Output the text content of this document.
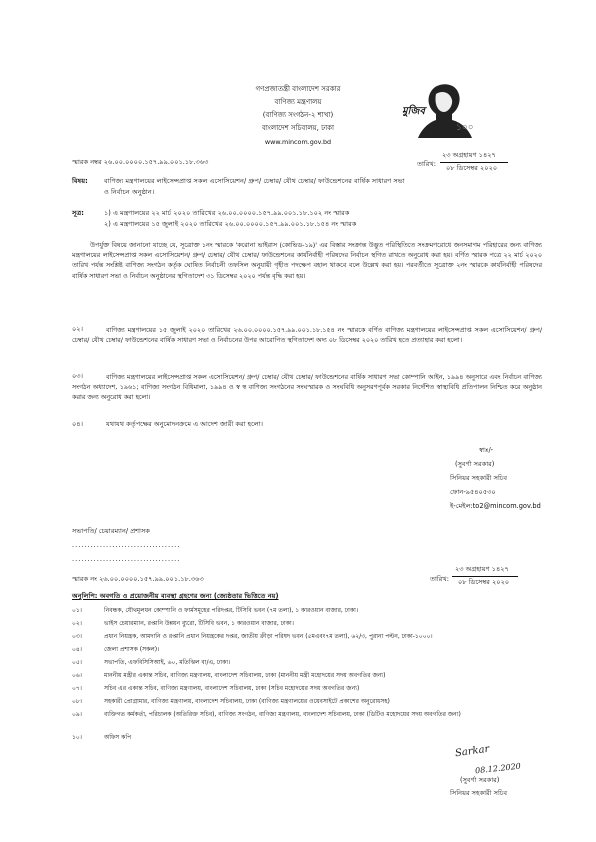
গণপ্রজাতন্ত্রী বাংলাদেশ সরকার
বাণিজ্য মন্ত্রণালয়
(বাণিজ্য সংগঠন-২ শাখা)
বাংলাদেশ সচিবালয়, ঢাকা
www.mincom.gov.bd
মুজিব
১০০
স্মারক নম্বর ২৬.০০.০০০০.১৫৭.৯৯.০০১.১৮.৩৬৩	তারিখ:
২৩ অগ্রহায়ণ ১৪২৭
০৮ ডিসেম্বর ২০২০
বিষয়: বাণিজ্য মন্ত্রণালয়ের লাইসেন্সপ্রাপ্ত সকল এসোসিয়েশন/ গ্রুপ/ চেম্বার/ যৌথ চেম্বার/ ফাউন্ডেশনের বার্ষিক সাধারণ সভা
ও নির্বাচন অনুষ্ঠান।
সূত্র:	১) এ মন্ত্রণালয়ের ২২ মার্চ ২০২০ তারিখের ২৬.০০.০০০০.১৫৭.৯৯.০০১.১৮.১০২ নং স্মারক
২) এ মন্ত্রণালয়ের ১৫ জুলাই ২০২০ তারিখের ২৬.০০.০০০০.১৫৭.৯৯.০০১.১৮.১৫৪ নং স্মারক
উপর্যুক্ত বিষয়ে জানানো যাচ্ছে যে, সূত্রোক্ত ১নং স্মারকে 'করোনা ভাইরাস (কোভিড-১৯)' এর বিস্তার সংক্রান্ত উদ্ভূত পরিস্থিতিতে সংক্রমণরোধে জনসমাগম পরিহারের জন্য বাণিজ্য মন্ত্রণালয়ের লাইসেন্সপ্রাপ্ত সকল এসোসিয়েশন/ গ্রুপ/ চেম্বার/ যৌথ চেম্বার/ ফাউন্ডেশনের কার্যনির্বাহী পরিষদের নির্বাচন স্থগিত রাখতে অনুরোধ করা হয়। বর্ণিত স্মারক পত্রে ২২ মার্চ ২০২০ তারিখ পর্যন্ত সংশ্লিষ্ট বাণিজ্য সংগঠন কর্তৃক ঘোষিত নির্বাচনী তফসিল অনুযায়ী গৃহীত পদক্ষেপ বহাল থাকবে বলে উল্লেখ করা হয়। পরবর্তীতে সূত্রোক্ত ২নং স্মারকে কার্যনির্বাহী পরিষদের বার্ষিক সাধারণ সভা ও নির্বাচন অনুষ্ঠানের স্থগিতাদেশ ৩১ ডিসেম্বর ২০২০ পর্যন্ত বৃদ্ধি করা হয়।
০২।	বাণিজ্য মন্ত্রণালয়ের ১৫ জুলাই ২০২০ তারিখের ২৬.০০.০০০০.১৫৭.৯৯.০০১.১৮.১৫৪ নং স্মারকে বর্ণিত বাণিজ্য মন্ত্রণালয়ের লাইসেন্সপ্রাপ্ত সকল এসোসিয়েশন/ গ্রুপ/ চেম্বার/ যৌথ চেম্বার/ ফাউন্ডেশনের বার্ষিক সাধারণ সভা ও নির্বাচনের উপর আরোপিত স্থগিতাদেশ অদ্য ০৮ ডিসেম্বর ২০২০ তারিখ হতে প্রত্যাহার করা হলো।
০৩।	বাণিজ্য মন্ত্রণালয়ের লাইসেন্সপ্রাপ্ত সকল এসোসিয়েশন/ গ্রুপ/ চেম্বার/ যৌথ চেম্বার/ ফাউন্ডেশনের বার্ষিক সাধারণ সভা কোম্পানি আইন, ১৯৯৪ অনুসারে এবং নির্বাচন বাণিজ্য সংগঠন অধ্যাদেশ, ১৯৬১; বাণিজ্য সংগঠন বিধিমালা, ১৯৯৪ ও স্ব স্ব বাণিজ্য সংগঠনের সংঘস্মারক ও সংঘবিধি অনুসরণপূর্বক সরকার নির্দেশিত স্বাস্থ্যবিধি প্রতিপালন নিশ্চিত করে অনুষ্ঠান করার জন্য অনুরোধ করা হলো।
০৪।	যথাযথ কর্তৃপক্ষের অনুমোদনক্রমে এ আদেশ জারী করা হলো।
স্বাঃ/-
(সুবর্ণা সরকার)
সিনিয়র সহকারী সচিব
ফোন-৯৫৪০৫৩০
ই-মেইল:to2@mincom.gov.bd
সভাপতি/ চেয়ারম্যান/ প্রশাসক
...................................
...................................
স্মারক নং ২৬.০০.০০০০.১৫৭.৯৯.০০১.১৮.৩৬৩	তারিখ:
২৩ অগ্রহায়ণ ১৪২৭
০৮ ডিসেম্বর ২০২০
অনুলিপি: অবগতি ও প্রয়োজনীয় ব্যবস্থা গ্রহণের জন্য (জ্যেষ্ঠতার ভিত্তিতে নয়)
০১।	নিবন্ধক, যৌথমূলধন কোম্পানি ও ফার্মসমূহের পরিদপ্তর, টিসিবি ভবন (৭ম তলা), ১ কারওয়ান বাজার, ঢাকা।
০২।	ভাইস চেয়ারম্যান, রপ্তানি উন্নয়ন ব্যুরো, টিসিবি ভবন, ১ কারওয়ান বাজার, ঢাকা।
০৩।	প্রধান নিয়ন্ত্রক, আমদানি ও রপ্তানি প্রধান নিয়ন্ত্রকের দপ্তর, জাতীয় ক্রীড়া পরিষদ ভবন (৫মএবং৭ম তলা), ৬২/৩, পুরানা পল্টন, ঢাকা-১০০০।
০৪।	জেলা প্রশাসক (সকল)।
০৫।	সভাপতি, এফবিসিসিআই, ৬০, মতিঝিল বা/এ, ঢাকা।
০৬।	মাননীয় মন্ত্রীর একান্ত সচিব, বাণিজ্য মন্ত্রণালয়, বাংলাদেশ সচিবালয়, ঢাকা (মাননীয় মন্ত্রী মহোদয়ের সদয় অবগতির জন্য)
০৭।	সচিব এর একান্ত সচিব, বাণিজ্য মন্ত্রণালয়, বাংলাদেশ সচিবালয়, ঢাকা (সচিব মহোদয়ের সদয় অবগতির জন্য)
০৮।	সহকারী প্রোগ্রামার, বাণিজ্য মন্ত্রণালয়, বাংলাদেশ সচিবালয়, ঢাকা (বাণিজ্য মন্ত্রণালয়ের ওয়েবসাইটে প্রকাশের অনুরোধসহ)
০৯।	ব্যক্তিগত কর্মকর্তা, পরিচালক (অতিরিক্ত সচিব), বাণিজ্য সংগঠন, বাণিজ্য মন্ত্রণালয়, বাংলাদেশ সচিবালয়, ঢাকা (ডিটিও মহোদয়ের সদয় অবগতির জন্য)
১০।	অফিস কপি
Sarkar
08.12.2020
(সুবর্ণা সরকার)
সিনিয়র সহকারী সচিব
